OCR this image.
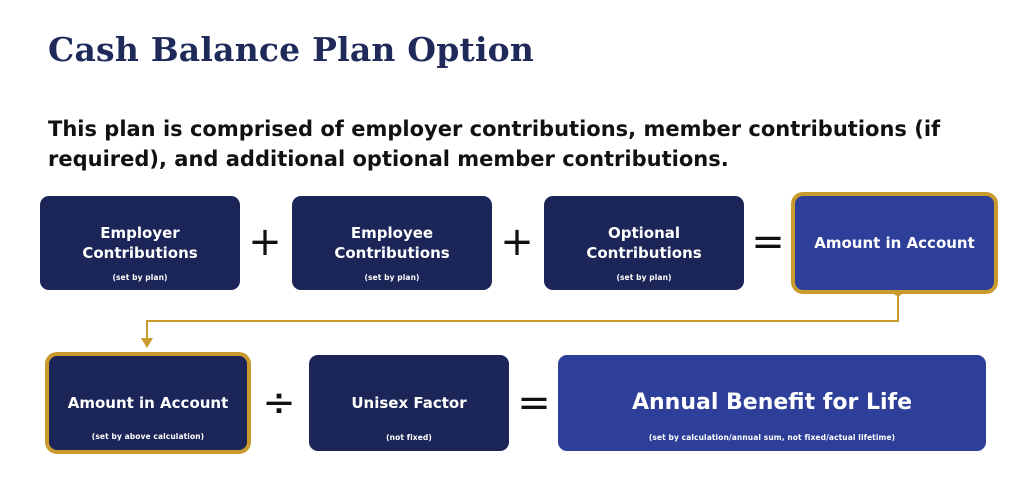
Cash Balance Plan Option
This plan is comprised of employer contributions, member contributions (if required), and additional optional member contributions.
Employer
Contributions
(set by plan)
+	Employee
Contributions
(set by plan)
+	Optional
Contributions
(set by plan)
= Amount in Account
Amount in Account
(set by above calculation)
÷	Unisex Factor
(not fixed)
=	Annual Benefit for Life
(set by calculation/annual sum, not fixed/actual lifetime)
